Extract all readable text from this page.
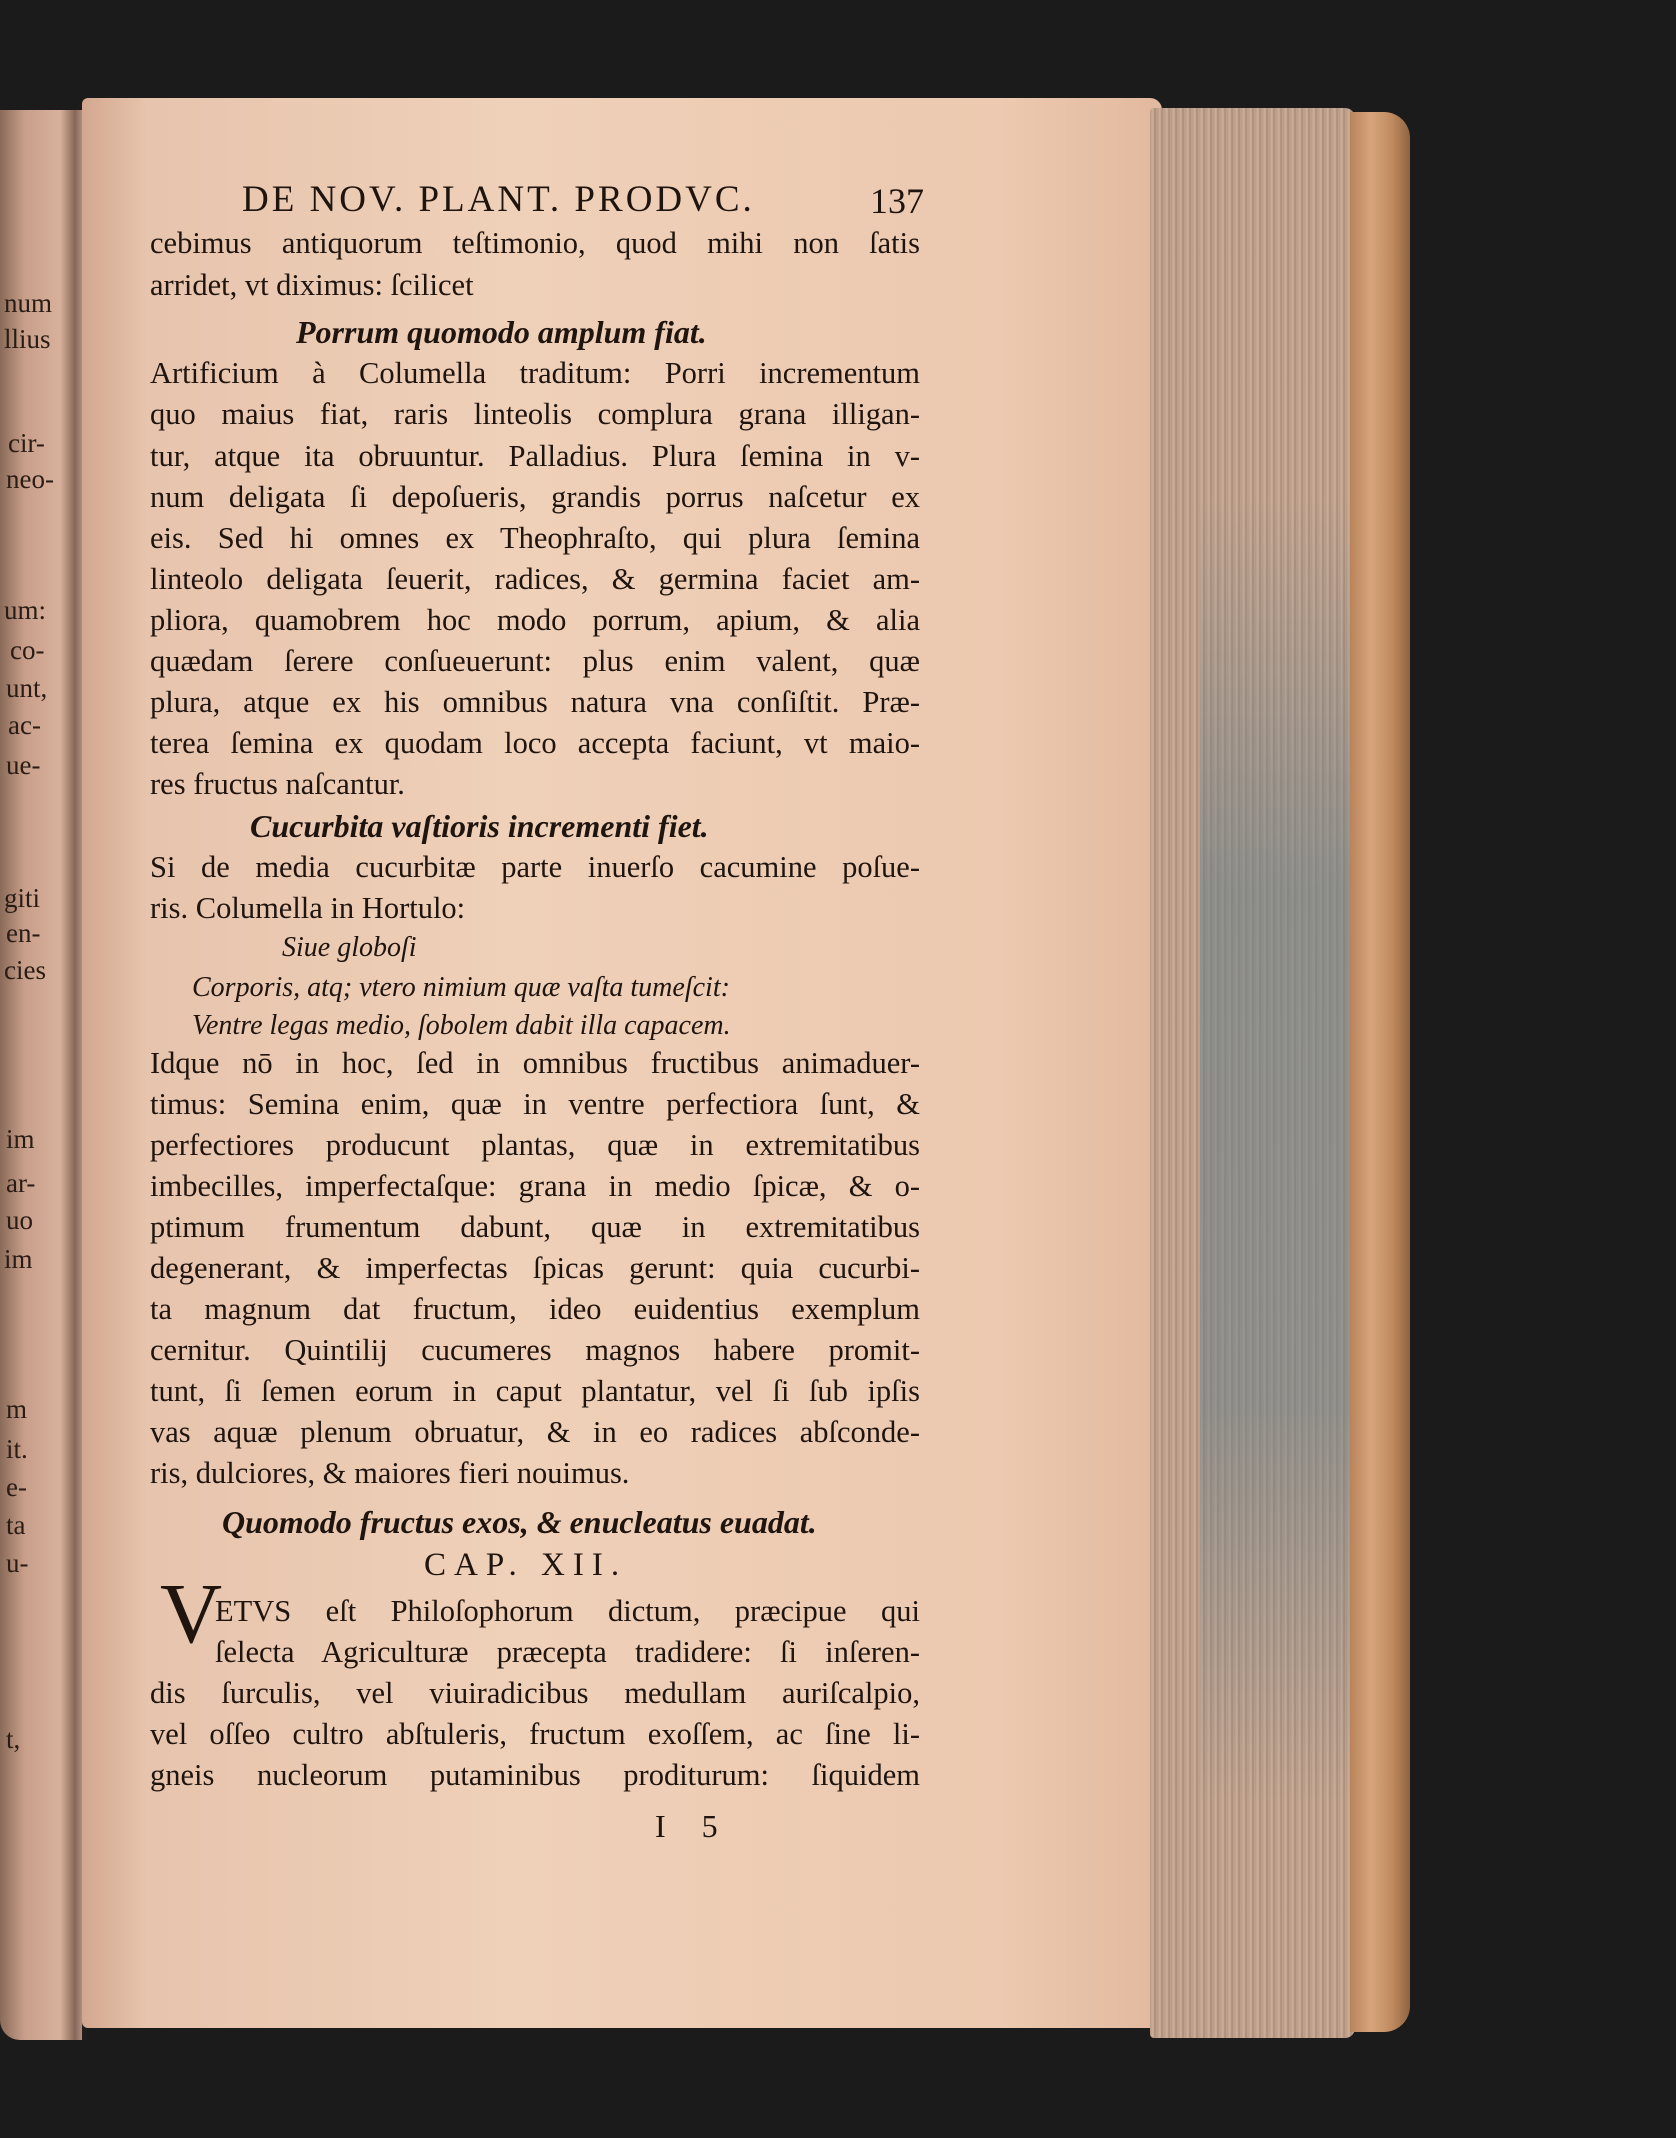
num
llius
cir-
neo-
um:
co-
unt,
ac-
ue-
giti
en-
cies
im
ar-
uo
im
m
it.
e-
ta
u-
t,
DE NOV. PLANT. PRODVC.	137
cebimus antiquorum teſtimonio, quod mihi non ſatis
arridet, vt diximus: ſcilicet
Porrum quomodo amplum fiat.
Artificium à Columella traditum: Porri incrementum
quo maius fiat, raris linteolis complura grana illigan-
tur, atque ita obruuntur. Palladius. Plura ſemina in v-
num deligata ſi depoſueris, grandis porrus naſcetur ex
eis. Sed hi omnes ex Theophraſto, qui plura ſemina
linteolo deligata ſeuerit, radices, & germina faciet am-
pliora, quamobrem hoc modo porrum, apium, & alia
quædam ſerere conſueuerunt: plus enim valent, quæ
plura, atque ex his omnibus natura vna conſiſtit. Præ-
terea ſemina ex quodam loco accepta faciunt, vt maio-
res fructus naſcantur.
Cucurbita vaſtioris incrementi fiet.
Si de media cucurbitæ parte inuerſo cacumine poſue-
ris. Columella in Hortulo:
Siue globoſi
Corporis, atq; vtero nimium quæ vaſta tumeſcit:
Ventre legas medio, ſobolem dabit illa capacem.
Idque nō in hoc, ſed in omnibus fructibus animaduer-
timus: Semina enim, quæ in ventre perfectiora ſunt, &
perfectiores producunt plantas, quæ in extremitatibus
imbecilles, imperfectaſque: grana in medio ſpicæ, & o-
ptimum frumentum dabunt, quæ in extremitatibus
degenerant, & imperfectas ſpicas gerunt: quia cucurbi-
ta magnum dat fructum, ideo euidentius exemplum
cernitur. Quintilij cucumeres magnos habere promit-
tunt, ſi ſemen eorum in caput plantatur, vel ſi ſub ipſis
vas aquæ plenum obruatur, & in eo radices abſconde-
ris, dulciores, & maiores fieri nouimus.
Quomodo fructus exos, & enucleatus euadat.
CAP. XII.
V
ETVS eſt Philoſophorum dictum, præcipue qui
ſelecta Agriculturæ præcepta tradidere: ſi inſeren-
dis ſurculis, vel viuiradicibus medullam auriſcalpio,
vel oſſeo cultro abſtuleris, fructum exoſſem, ac ſine li-
gneis nucleorum putaminibus proditurum: ſiquidem
I 5
